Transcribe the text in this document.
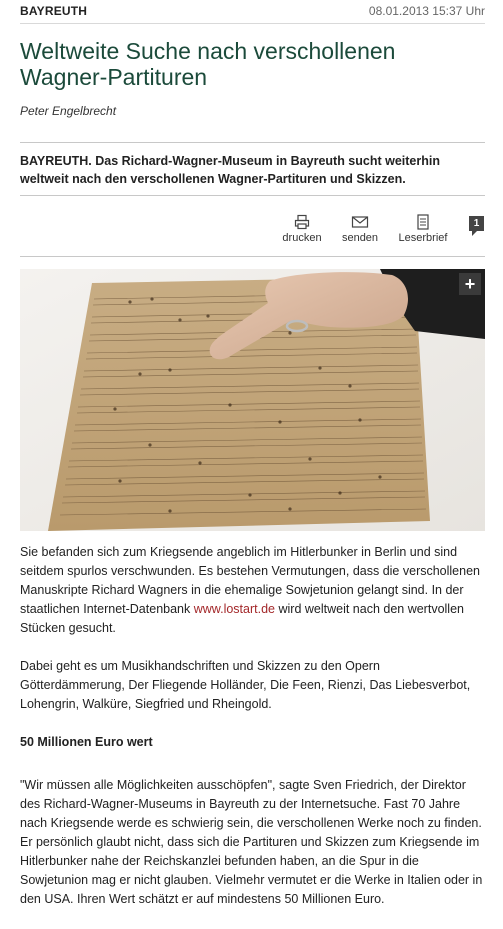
BAYREUTH	08.01.2013 15:37 Uhr
Weltweite Suche nach verschollenen Wagner-Partituren
Peter Engelbrecht

BAYREUTH. Das Richard-Wagner-Museum in Bayreuth sucht weiterhin weltweit nach den verschollenen Wagner-Partituren und Skizzen.

drucken senden Leserbrief
1
+

Sie befanden sich zum Kriegsende angeblich im Hitlerbunker in Berlin und sind seitdem spurlos verschwunden. Es bestehen Vermutungen, dass die verschollenen Manuskripte Richard Wagners in die ehemalige Sowjetunion gelangt sind. In der staatlichen Internet-Datenbank www.lostart.de wird weltweit nach den wertvollen Stücken gesucht.

Dabei geht es um Musikhandschriften und Skizzen zu den Opern Götterdämmerung, Der Fliegende Holländer, Die Feen, Rienzi, Das Liebesverbot, Lohengrin, Walküre, Siegfried und Rheingold.

50 Millionen Euro wert

"Wir müssen alle Möglichkeiten ausschöpfen", sagte Sven Friedrich, der Direktor des Richard-Wagner-Museums in Bayreuth zu der Internetsuche. Fast 70 Jahre nach Kriegsende werde es schwierig sein, die verschollenen Werke noch zu finden. Er persönlich glaubt nicht, dass sich die Partituren und Skizzen zum Kriegsende im Hitlerbunker nahe der Reichskanzlei befunden haben, an die Spur in die Sowjetunion mag er nicht glauben. Vielmehr vermutet er die Werke in Italien oder in den USA. Ihren Wert schätzt er auf mindestens 50 Millionen Euro.
